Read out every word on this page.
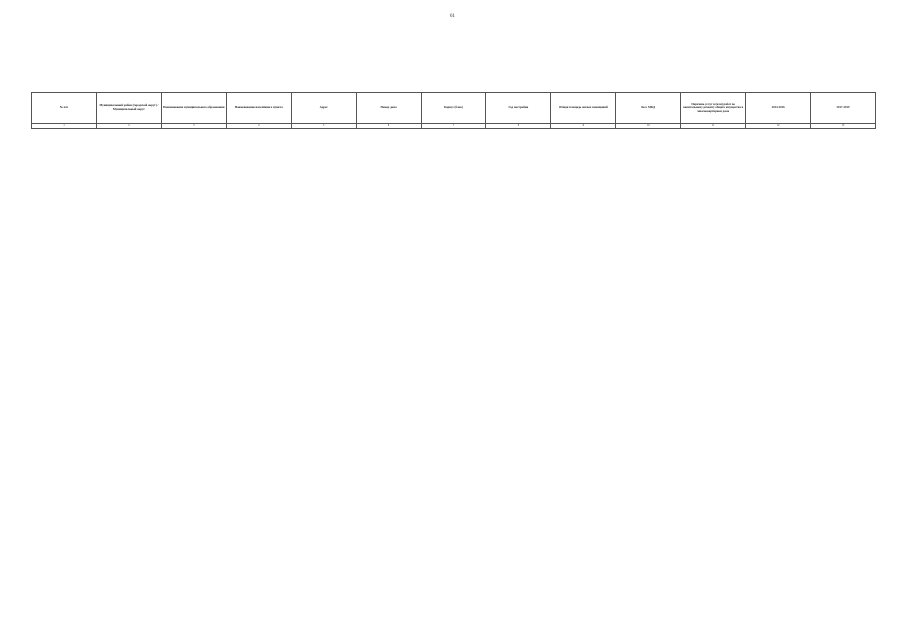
61
№ п/п	Муниципальный район (городской округ) / Муниципальный округ	Наименование муниципального образования	Наименование населённого пункта	Адрес	Номер дома	Корпус (блок)	Год постройки	Общая площадь жилых помещений	Кол. МКД	Перечень услуг и (или) работ по капитальному ремонту общего имущества в многоквартирном доме	2014-2016	2017-2019
1	2	3	4	5	6	7	8	9	10	11	12	13
